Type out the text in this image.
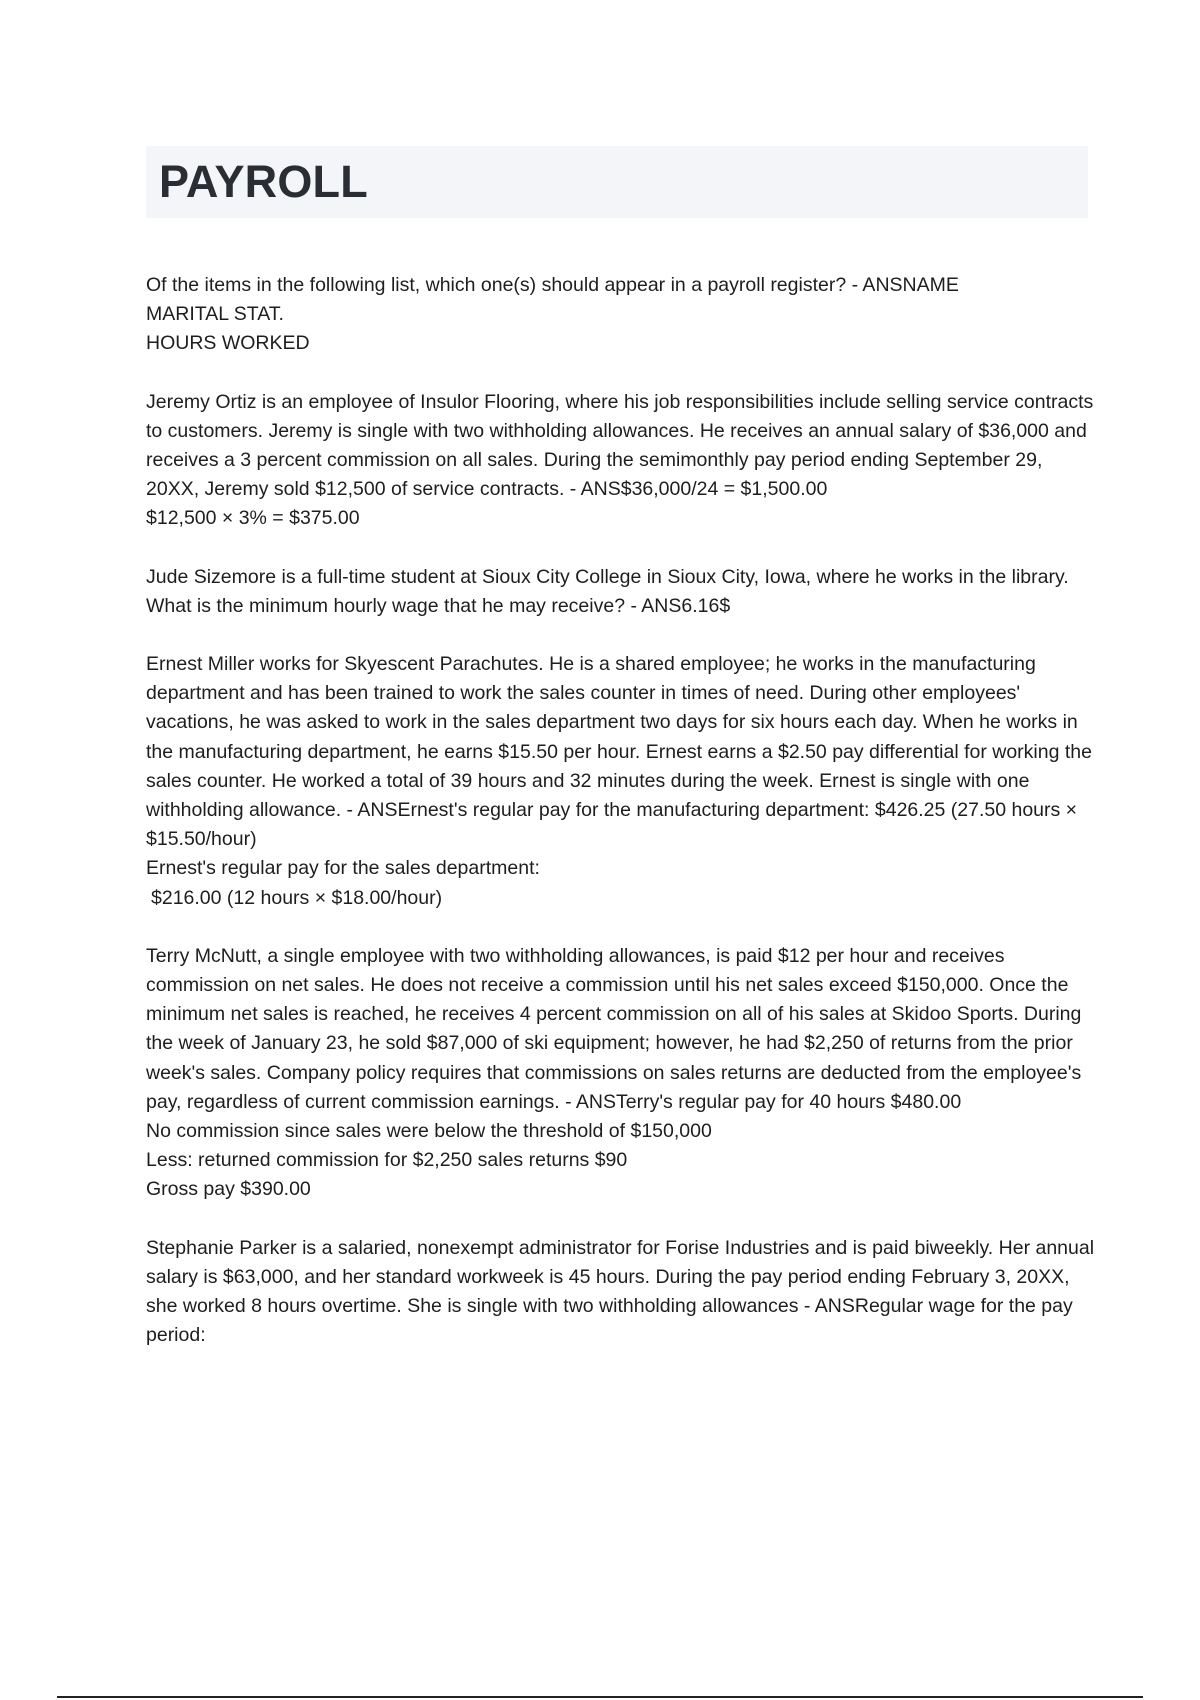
PAYROLL

Of the items in the following list, which one(s) should appear in a payroll register? - ANSNAME
MARITAL STAT.
HOURS WORKED

Jeremy Ortiz is an employee of Insulor Flooring, where his job responsibilities include selling service contracts to customers. Jeremy is single with two withholding allowances. He receives an annual salary of $36,000 and receives a 3 percent commission on all sales. During the semimonthly pay period ending September 29, 20XX, Jeremy sold $12,500 of service contracts. - ANS$36,000/24 = $1,500.00
$12,500 × 3% = $375.00

Jude Sizemore is a full-time student at Sioux City College in Sioux City, Iowa, where he works in the library. What is the minimum hourly wage that he may receive? - ANS6.16$

Ernest Miller works for Skyescent Parachutes. He is a shared employee; he works in the manufacturing department and has been trained to work the sales counter in times of need. During other employees' vacations, he was asked to work in the sales department two days for six hours each day. When he works in the manufacturing department, he earns $15.50 per hour. Ernest earns a $2.50 pay differential for working the sales counter. He worked a total of 39 hours and 32 minutes during the week. Ernest is single with one withholding allowance. - ANSErnest's regular pay for the manufacturing department: $426.25 (27.50 hours × $15.50/hour)
Ernest's regular pay for the sales department:
$216.00 (12 hours × $18.00/hour)

Terry McNutt, a single employee with two withholding allowances, is paid $12 per hour and receives commission on net sales. He does not receive a commission until his net sales exceed $150,000. Once the minimum net sales is reached, he receives 4 percent commission on all of his sales at Skidoo Sports. During the week of January 23, he sold $87,000 of ski equipment; however, he had $2,250 of returns from the prior week's sales. Company policy requires that commissions on sales returns are deducted from the employee's pay, regardless of current commission earnings. - ANSTerry's regular pay for 40 hours $480.00
No commission since sales were below the threshold of $150,000
Less: returned commission for $2,250 sales returns $90
Gross pay $390.00

Stephanie Parker is a salaried, nonexempt administrator for Forise Industries and is paid biweekly. Her annual salary is $63,000, and her standard workweek is 45 hours. During the pay period ending February 3, 20XX, she worked 8 hours overtime. She is single with two withholding allowances - ANSRegular wage for the pay period:
